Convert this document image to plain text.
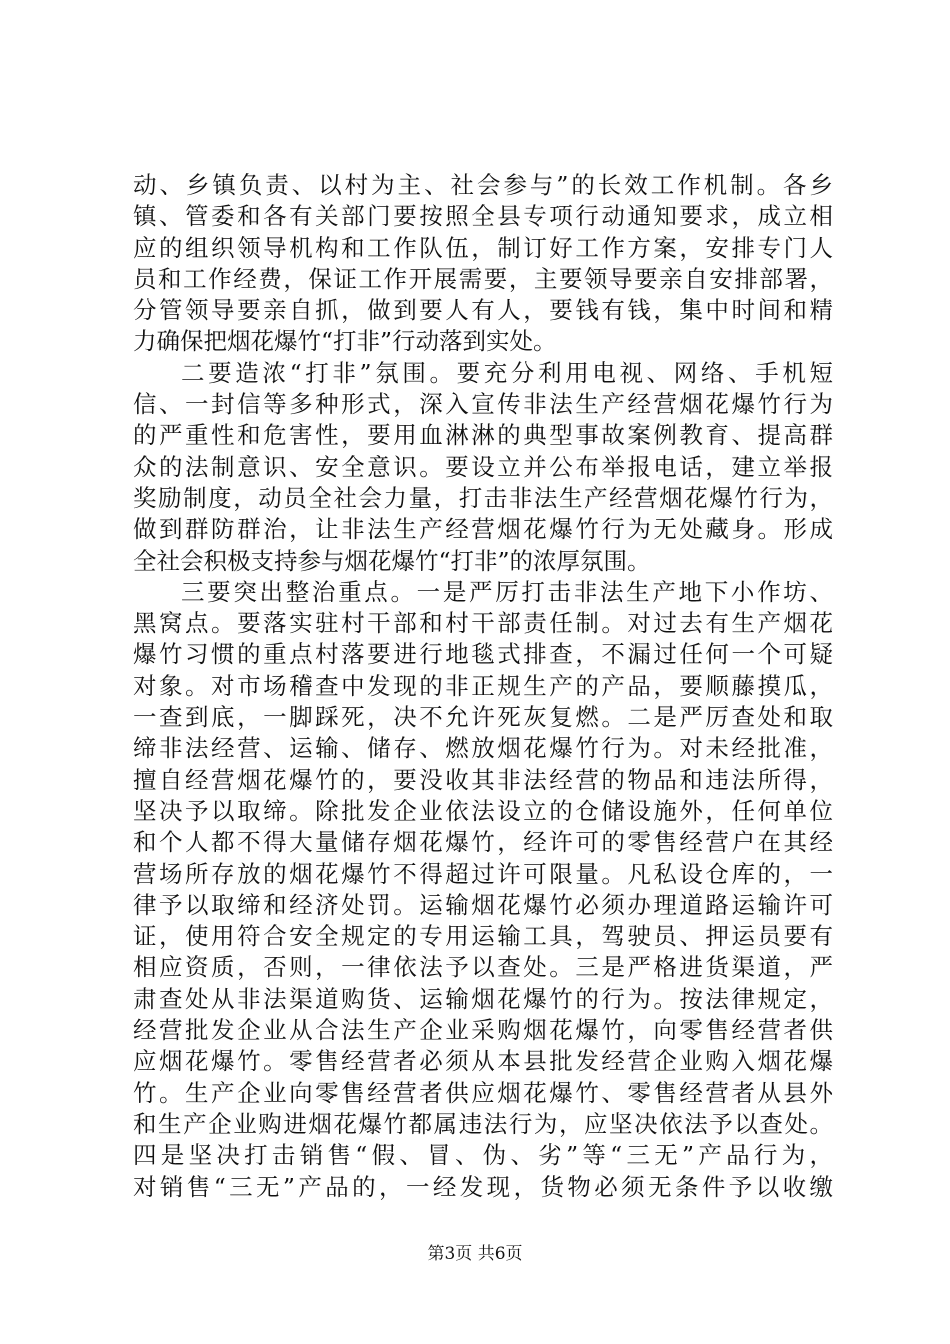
动、乡镇负责、以村为主、社会参与”的长效工作机制。各乡
镇、管委和各有关部门要按照全县专项行动通知要求，成立相
应的组织领导机构和工作队伍，制订好工作方案，安排专门人
员和工作经费，保证工作开展需要，主要领导要亲自安排部署，
分管领导要亲自抓，做到要人有人，要钱有钱，集中时间和精
力确保把烟花爆竹“打非”行动落到实处。
二要造浓“打非”氛围。要充分利用电视、网络、手机短
信、一封信等多种形式，深入宣传非法生产经营烟花爆竹行为
的严重性和危害性，要用血淋淋的典型事故案例教育、提高群
众的法制意识、安全意识。要设立并公布举报电话，建立举报
奖励制度，动员全社会力量，打击非法生产经营烟花爆竹行为，
做到群防群治，让非法生产经营烟花爆竹行为无处藏身。形成
全社会积极支持参与烟花爆竹“打非”的浓厚氛围。
三要突出整治重点。一是严厉打击非法生产地下小作坊、
黑窝点。要落实驻村干部和村干部责任制。对过去有生产烟花
爆竹习惯的重点村落要进行地毯式排查，不漏过任何一个可疑
对象。对市场稽查中发现的非正规生产的产品，要顺藤摸瓜，
一查到底，一脚踩死，决不允许死灰复燃。二是严厉查处和取
缔非法经营、运输、储存、燃放烟花爆竹行为。对未经批准，
擅自经营烟花爆竹的，要没收其非法经营的物品和违法所得，
坚决予以取缔。除批发企业依法设立的仓储设施外，任何单位
和个人都不得大量储存烟花爆竹，经许可的零售经营户在其经
营场所存放的烟花爆竹不得超过许可限量。凡私设仓库的，一
律予以取缔和经济处罚。运输烟花爆竹必须办理道路运输许可
证，使用符合安全规定的专用运输工具，驾驶员、押运员要有
相应资质，否则，一律依法予以查处。三是严格进货渠道，严
肃查处从非法渠道购货、运输烟花爆竹的行为。按法律规定，
经营批发企业从合法生产企业采购烟花爆竹，向零售经营者供
应烟花爆竹。零售经营者必须从本县批发经营企业购入烟花爆
竹。生产企业向零售经营者供应烟花爆竹、零售经营者从县外
和生产企业购进烟花爆竹都属违法行为，应坚决依法予以查处。
四是坚决打击销售“假、冒、伪、劣”等“三无”产品行为，
对销售“三无”产品的，一经发现，货物必须无条件予以收缴
第3页 共6页
